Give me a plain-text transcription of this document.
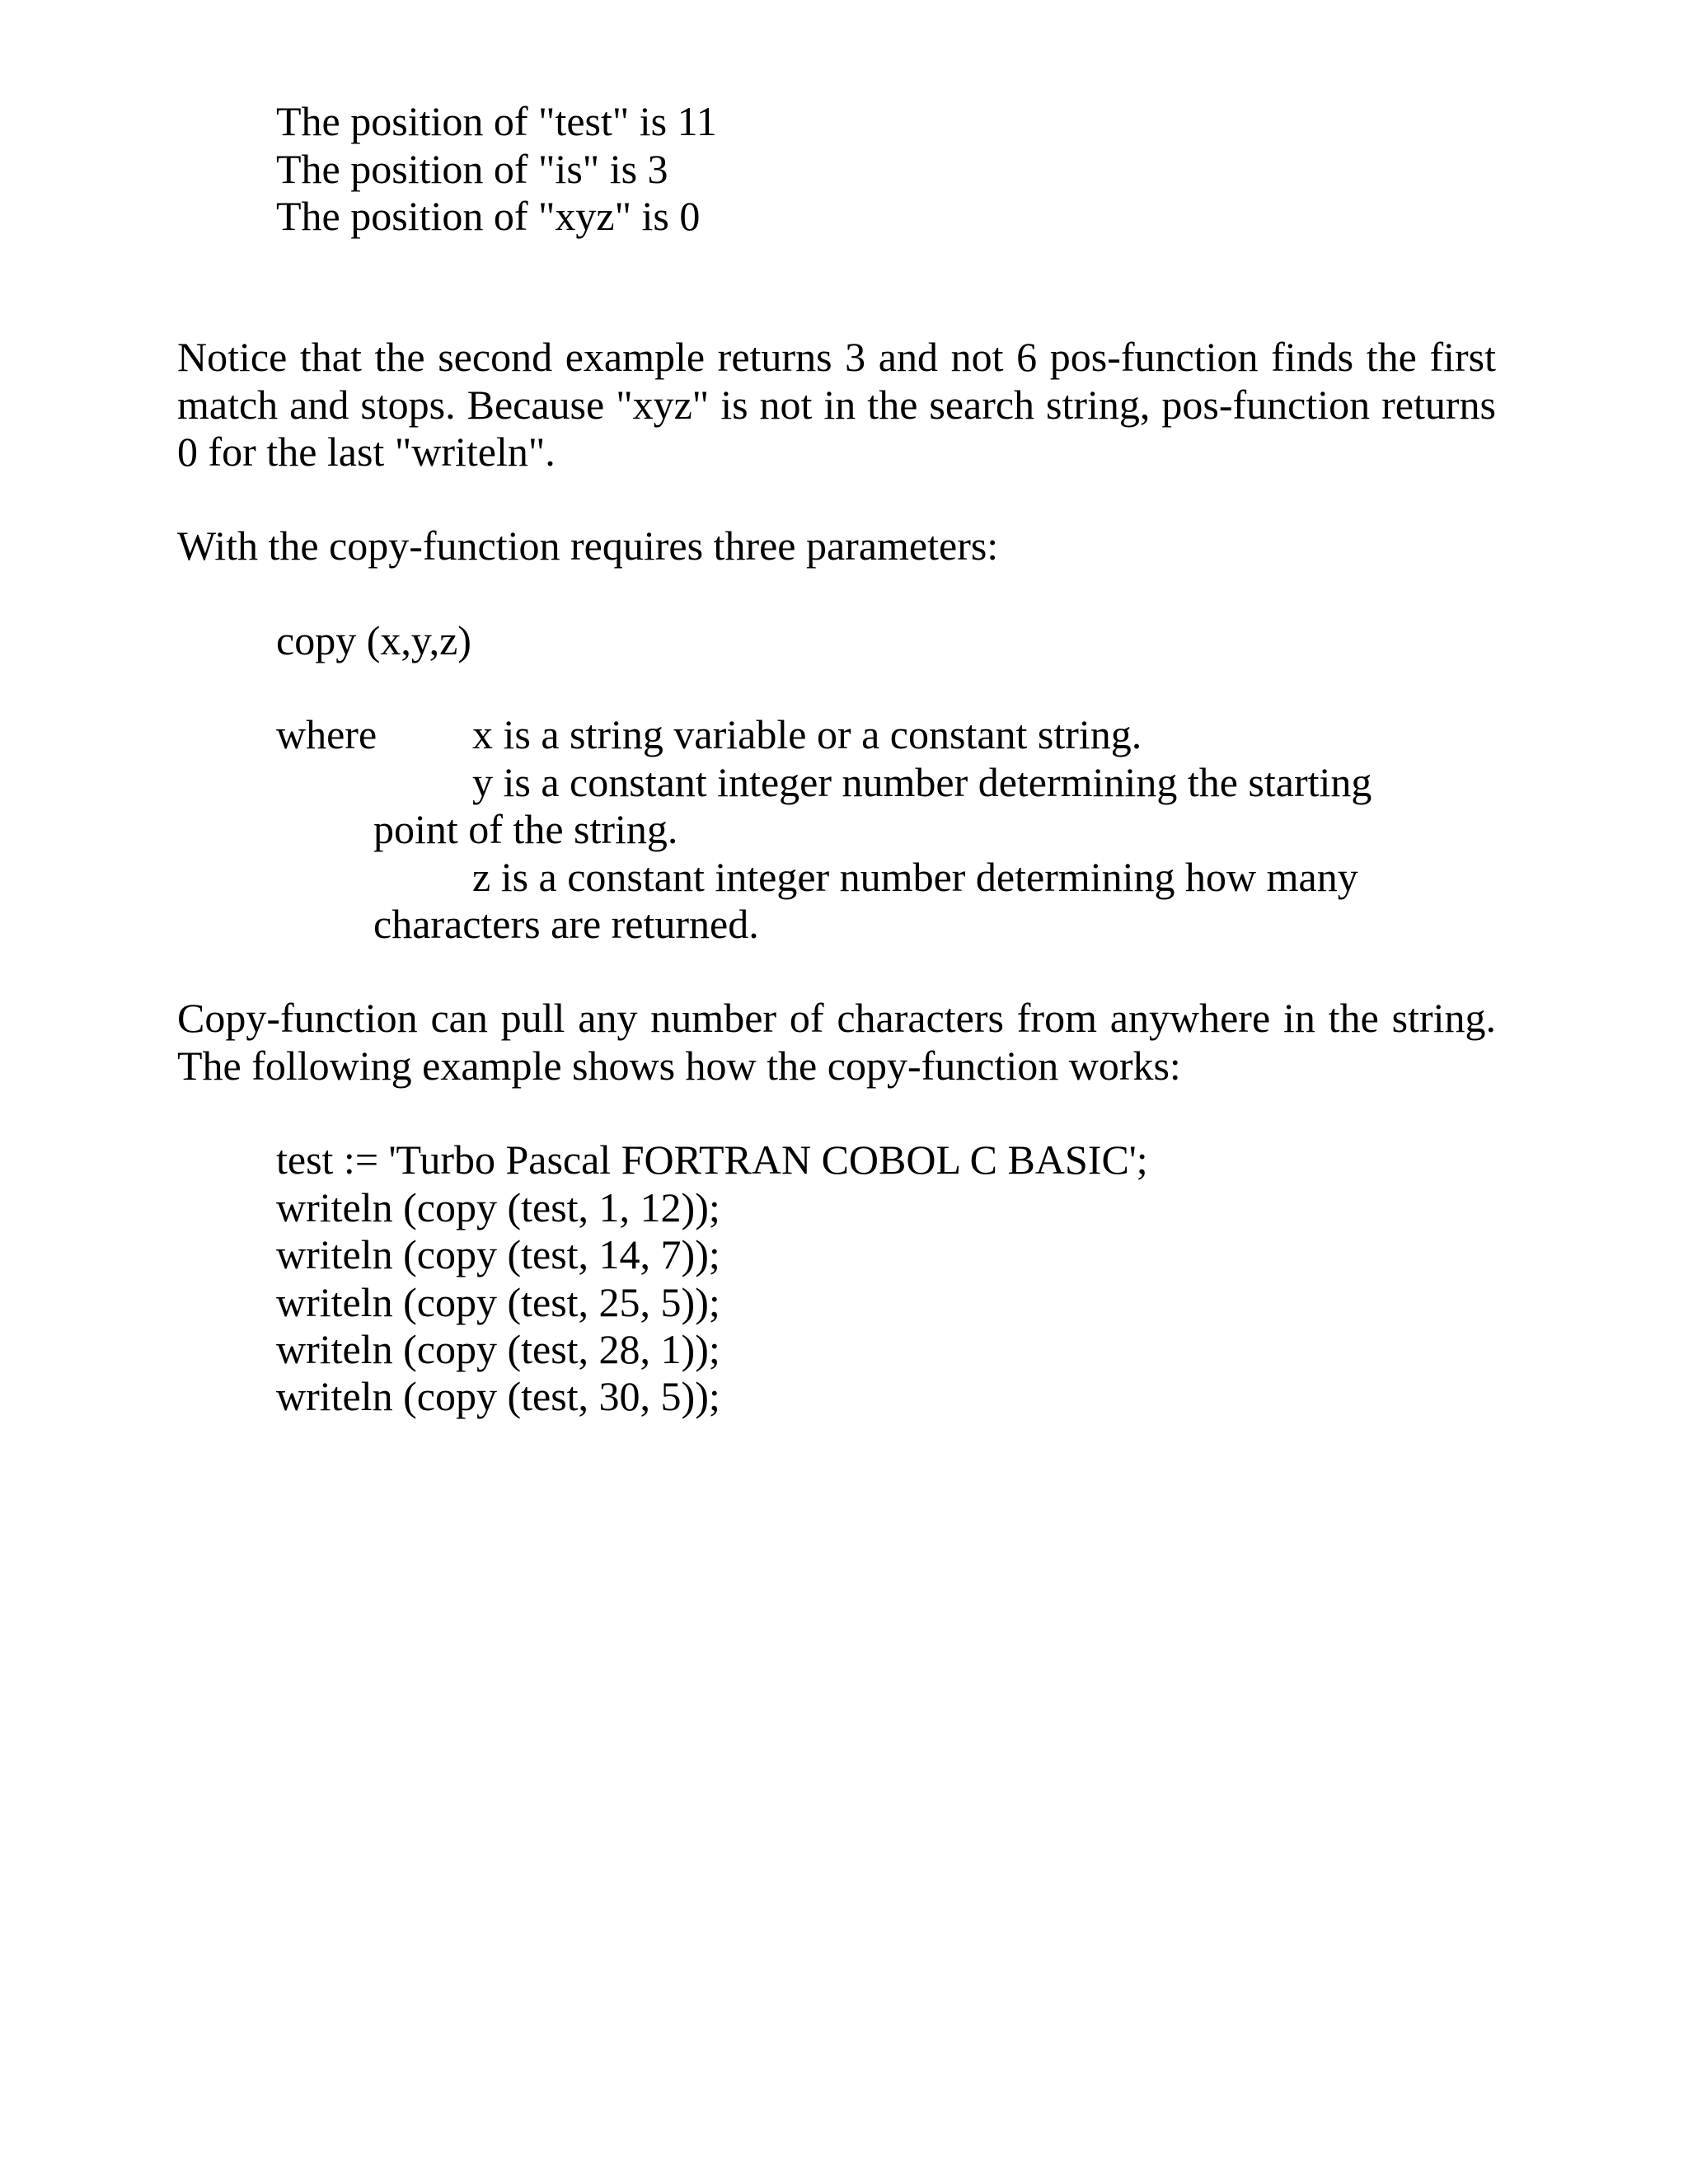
The position of "test" is 11

The position of "is" is 3

The position of "xyz" is 0

Notice that the second example returns 3 and not 6 pos-function finds the first

match and stops. Because "xyz" is not in the search string, pos-function returns

0 for the last "writeln".

With the copy-function requires three parameters:

copy (x,y,z)

where x is a string variable or a constant string.

y is a constant integer number determining the starting

point of the string.

z is a constant integer number determining how many

characters are returned.

Copy-function can pull any number of characters from anywhere in the string.

The following example shows how the copy-function works:

test := 'Turbo Pascal FORTRAN COBOL C BASIC';

writeln (copy (test, 1, 12));

writeln (copy (test, 14, 7));

writeln (copy (test, 25, 5));

writeln (copy (test, 28, 1));

writeln (copy (test, 30, 5));
